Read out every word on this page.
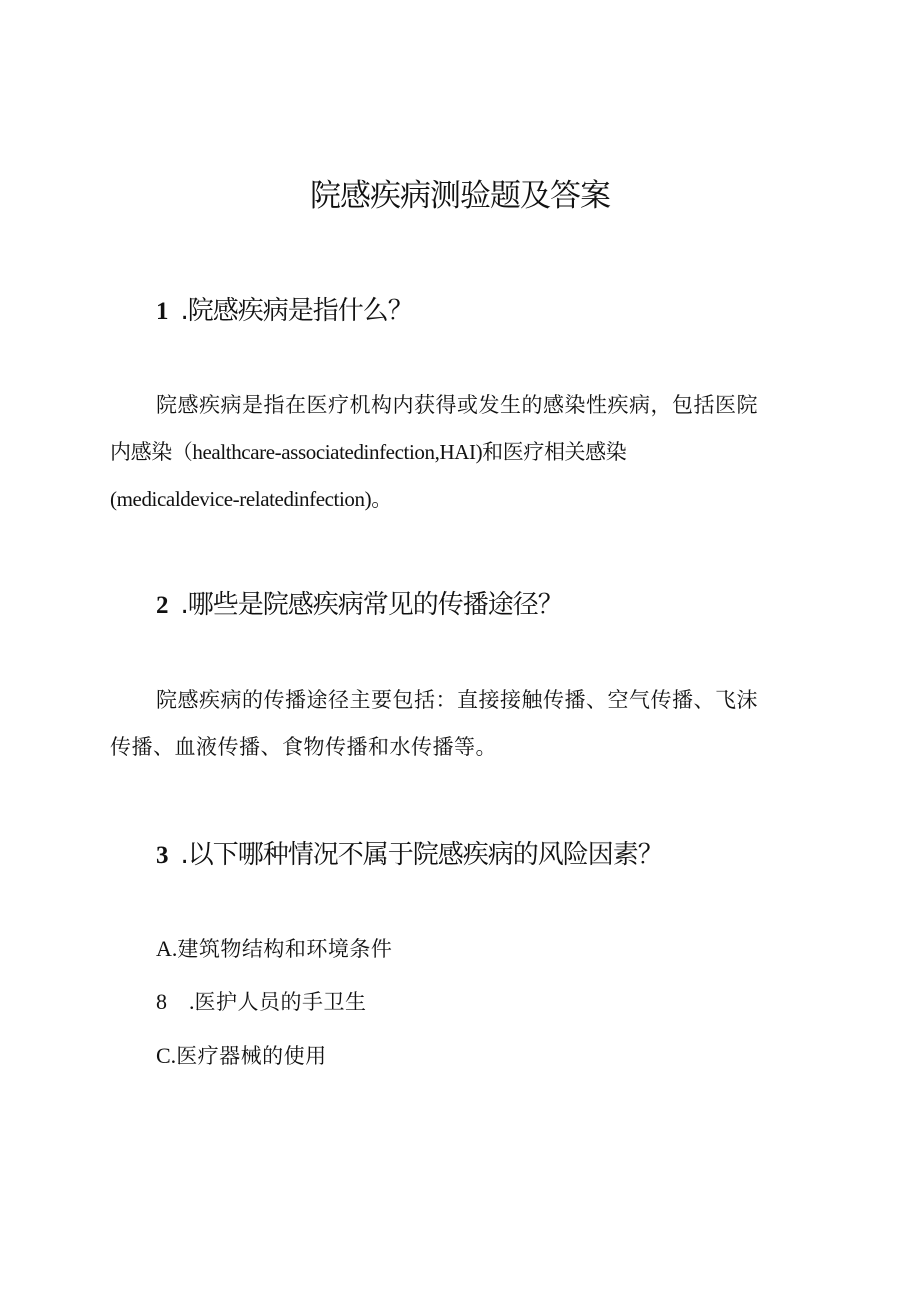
院感疾病测验题及答案
1 .院感疾病是指什么？
院感疾病是指在医疗机构内获得或发生的感染性疾病，包括医院
内感染（healthcare-associatedinfection,HAI)和医疗相关感染
(medicaldevice-relatedinfection)。
2 .哪些是院感疾病常见的传播途径？
院感疾病的传播途径主要包括：直接接触传播、空气传播、飞沫
传播、血液传播、食物传播和水传播等。
3 .以下哪种情况不属于院感疾病的风险因素？
A.建筑物结构和环境条件
8 .医护人员的手卫生
C.医疗器械的使用
